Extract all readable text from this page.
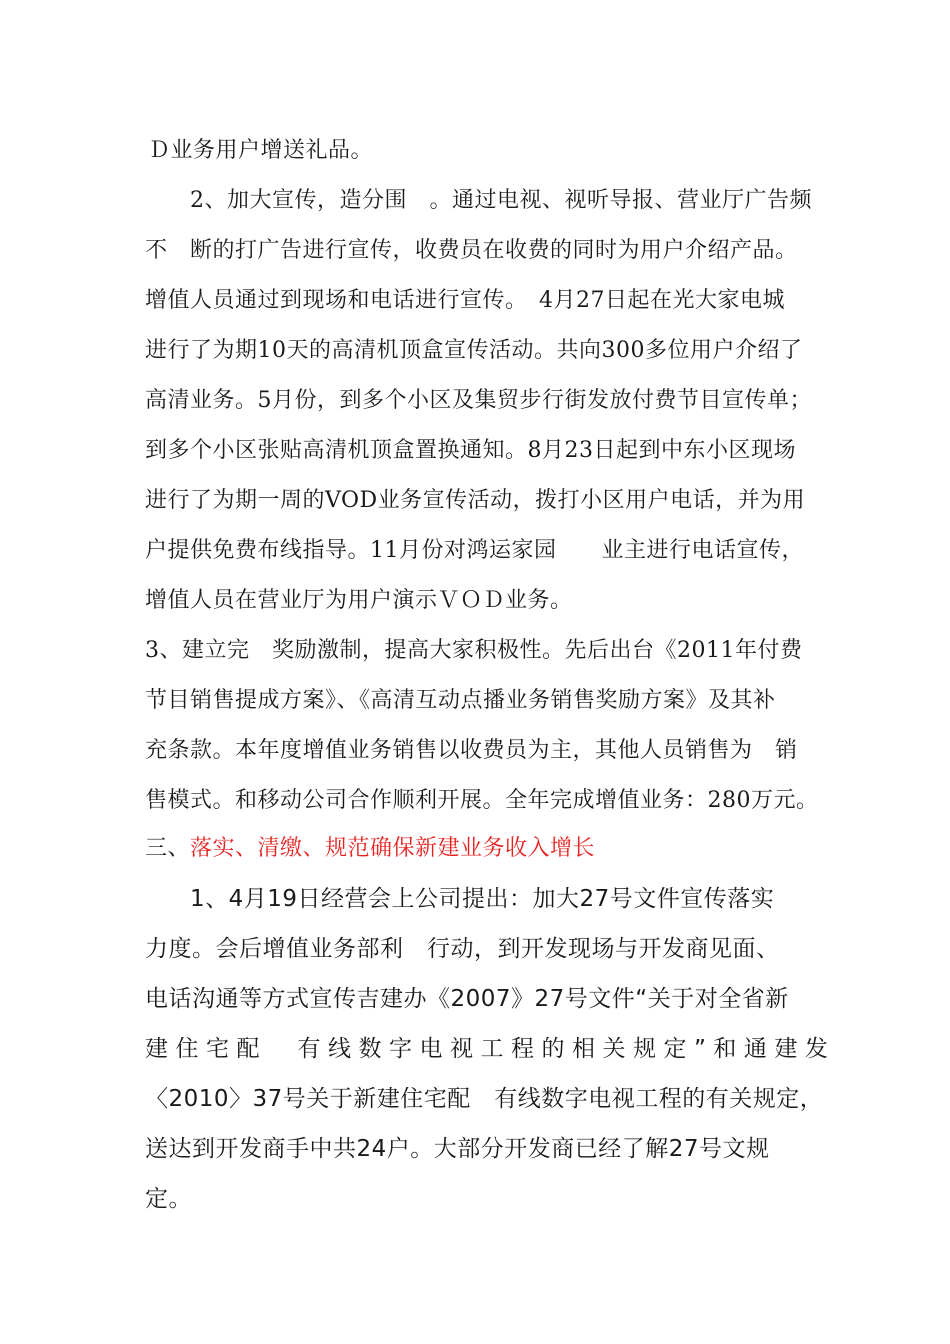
Ｄ业务用户增送礼品。
2、加大宣传，造分围　。通过电视、视听导报、营业厅广告频
不　断的打广告进行宣传，收费员在收费的同时为用户介绍产品。
增值人员通过到现场和电话进行宣传。　4月27日起在光大家电城
进行了为期10天的高清机顶盒宣传活动。共向300多位用户介绍了
高清业务。5月份，到多个小区及集贸步行街发放付费节目宣传单；
到多个小区张贴高清机顶盒置换通知。8月23日起到中东小区现场
进行了为期一周的VOD业务宣传活动，拨打小区用户电话，并为用
户提供免费布线指导。11月份对鸿运家园　　业主进行电话宣传，
增值人员在营业厅为用户演示ＶＯＤ业务。
3、建立完　奖励激制，提高大家积极性。先后出台《2011年付费
节目销售提成方案》、《高清互动点播业务销售奖励方案》及其补
充条款。本年度增值业务销售以收费员为主，其他人员销售为　销
售模式。和移动公司合作顺利开展。全年完成增值业务：280万元。
三、落实、清缴、规范确保新建业务收入增长
1、4月19日经营会上公司提出：加大27号文件宣传落实
力度。会后增值业务部利　行动，到开发现场与开发商见面、
电话沟通等方式宣传吉建办《2007》27号文件“关于对全省新
建住宅配　有线数字电视工程的相关规定”和通建发
〈2010〉37号关于新建住宅配　有线数字电视工程的有关规定，
送达到开发商手中共24户。大部分开发商已经了解27号文规
定。
